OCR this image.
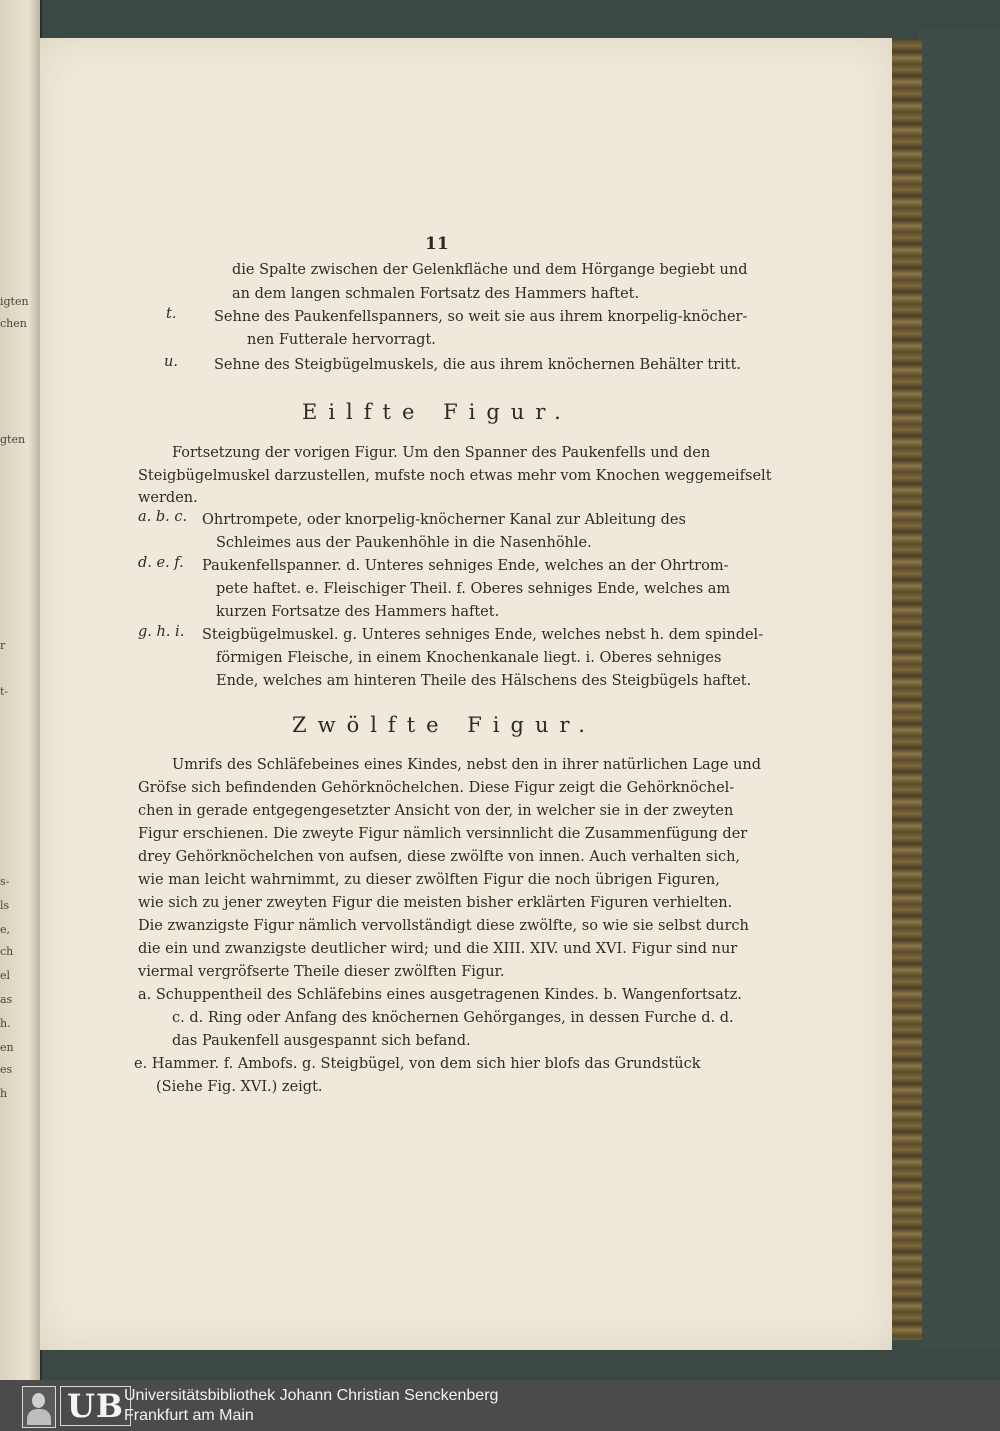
igten
chen
gten
r
t-
s-
ls
e,
ch
el
as
h.
en
es
h
11
die Spalte zwischen der Gelenkfläche und dem Hörgange begiebt und
an dem langen schmalen Fortsatz des Hammers haftet.
t.	Sehne des Paukenfellspanners, so weit sie aus ihrem knorpelig-knöcher-
nen Futterale hervorragt.
u. Sehne des Steigbügelmuskels, die aus ihrem knöchernen Behälter tritt.
Eilfte Figur.
Fortsetzung der vorigen Figur. Um den Spanner des Paukenfells und den
Steigbügelmuskel darzustellen, mufste noch etwas mehr vom Knochen weggemeifselt
werden.
a. b. c. Ohrtrompete, oder knorpelig-knöcherner Kanal zur Ableitung des
Schleimes aus der Paukenhöhle in die Nasenhöhle.
d. e. f. Paukenfellspanner. d. Unteres sehniges Ende, welches an der Ohrtrom-
pete haftet. e. Fleischiger Theil. f. Oberes sehniges Ende, welches am
kurzen Fortsatze des Hammers haftet.
g. h. i. Steigbügelmuskel. g. Unteres sehniges Ende, welches nebst h. dem spindel-
förmigen Fleische, in einem Knochenkanale liegt. i. Oberes sehniges
Ende, welches am hinteren Theile des Hälschens des Steigbügels haftet.
Zwölfte Figur.
Umrifs des Schläfebeines eines Kindes, nebst den in ihrer natürlichen Lage und
Gröfse sich befindenden Gehörknöchelchen. Diese Figur zeigt die Gehörknöchel-
chen in gerade entgegengesetzter Ansicht von der, in welcher sie in der zweyten
Figur erschienen. Die zweyte Figur nämlich versinnlicht die Zusammenfügung der
drey Gehörknöchelchen von aufsen, diese zwölfte von innen. Auch verhalten sich,
wie man leicht wahrnimmt, zu dieser zwölften Figur die noch übrigen Figuren,
wie sich zu jener zweyten Figur die meisten bisher erklärten Figuren verhielten.
Die zwanzigste Figur nämlich vervollständigt diese zwölfte, so wie sie selbst durch
die ein und zwanzigste deutlicher wird; und die XIII. XIV. und XVI. Figur sind nur
viermal vergröfserte Theile dieser zwölften Figur.
a. Schuppentheil des Schläfebins eines ausgetragenen Kindes. b. Wangenfortsatz.
c. d. Ring oder Anfang des knöchernen Gehörganges, in dessen Furche d. d.
das Paukenfell ausgespannt sich befand.
e. Hammer. f. Ambofs. g. Steigbügel, von dem sich hier blofs das Grundstück
(Siehe Fig. XVI.) zeigt.
UB Universitätsbibliothek Johann Christian Senckenberg
Frankfurt am Main
